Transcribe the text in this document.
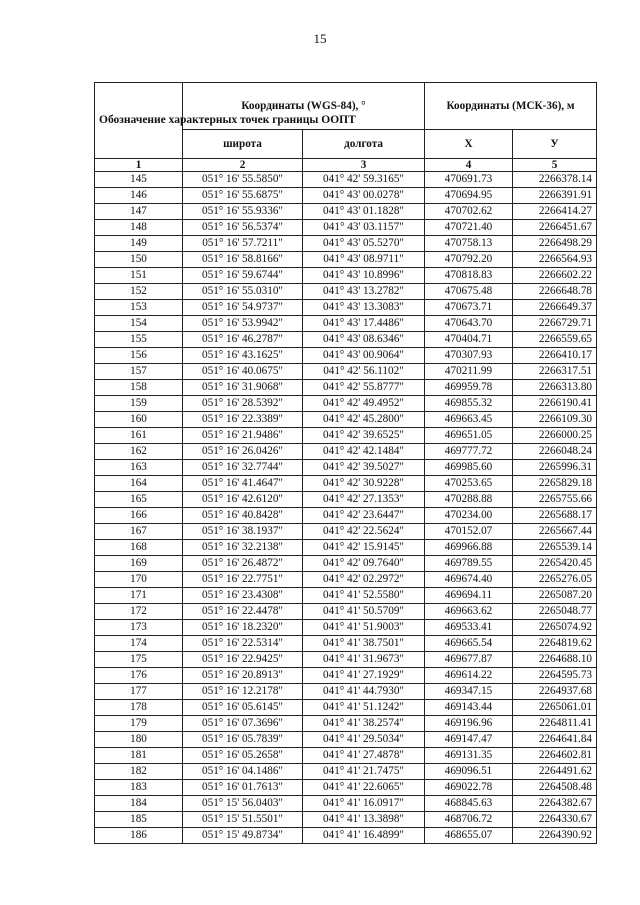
15
Обозначение характерных точек границы ООПТ	Координаты (WGS-84), °		Координаты (МСК-36), м	
	широта	долгота	X	У
1	2	3	4	5
145	051° 16' 55.5850"	041° 42' 59.3165"	470691.73	2266378.14
146	051° 16' 55.6875"	041° 43' 00.0278"	470694.95	2266391.91
147	051° 16' 55.9336"	041° 43' 01.1828"	470702.62	2266414.27
148	051° 16' 56.5374"	041° 43' 03.1157"	470721.40	2266451.67
149	051° 16' 57.7211"	041° 43' 05.5270"	470758.13	2266498.29
150	051° 16' 58.8166"	041° 43' 08.9711"	470792.20	2266564.93
151	051° 16' 59.6744"	041° 43' 10.8996"	470818.83	2266602.22
152	051° 16' 55.0310"	041° 43' 13.2782"	470675.48	2266648.78
153	051° 16' 54.9737"	041° 43' 13.3083"	470673.71	2266649.37
154	051° 16' 53.9942"	041° 43' 17.4486"	470643.70	2266729.71
155	051° 16' 46.2787"	041° 43' 08.6346"	470404.71	2266559.65
156	051° 16' 43.1625"	041° 43' 00.9064"	470307.93	2266410.17
157	051° 16' 40.0675"	041° 42' 56.1102"	470211.99	2266317.51
158	051° 16' 31.9068"	041° 42' 55.8777"	469959.78	2266313.80
159	051° 16' 28.5392"	041° 42' 49.4952"	469855.32	2266190.41
160	051° 16' 22.3389"	041° 42' 45.2800"	469663.45	2266109.30
161	051° 16' 21.9486"	041° 42' 39.6525"	469651.05	2266000.25
162	051° 16' 26.0426"	041° 42' 42.1484"	469777.72	2266048.24
163	051° 16' 32.7744"	041° 42' 39.5027"	469985.60	2265996.31
164	051° 16' 41.4647"	041° 42' 30.9228"	470253.65	2265829.18
165	051° 16' 42.6120"	041° 42' 27.1353"	470288.88	2265755.66
166	051° 16' 40.8428"	041° 42' 23.6447"	470234.00	2265688.17
167	051° 16' 38.1937"	041° 42' 22.5624"	470152.07	2265667.44
168	051° 16' 32.2138"	041° 42' 15.9145"	469966.88	2265539.14
169	051° 16' 26.4872"	041° 42' 09.7640"	469789.55	2265420.45
170	051° 16' 22.7751"	041° 42' 02.2972"	469674.40	2265276.05
171	051° 16' 23.4308"	041° 41' 52.5580"	469694.11	2265087.20
172	051° 16' 22.4478"	041° 41' 50.5709"	469663.62	2265048.77
173	051° 16' 18.2320"	041° 41' 51.9003"	469533.41	2265074.92
174	051° 16' 22.5314"	041° 41' 38.7501"	469665.54	2264819.62
175	051° 16' 22.9425"	041° 41' 31.9673"	469677.87	2264688.10
176	051° 16' 20.8913"	041° 41' 27.1929"	469614.22	2264595.73
177	051° 16' 12.2178"	041° 41' 44.7930"	469347.15	2264937.68
178	051° 16' 05.6145"	041° 41' 51.1242"	469143.44	2265061.01
179	051° 16' 07.3696"	041° 41' 38.2574"	469196.96	2264811.41
180	051° 16' 05.7839"	041° 41' 29.5034"	469147.47	2264641.84
181	051° 16' 05.2658"	041° 41' 27.4878"	469131.35	2264602.81
182	051° 16' 04.1486"	041° 41' 21.7475"	469096.51	2264491.62
183	051° 16' 01.7613"	041° 41' 22.6065"	469022.78	2264508.48
184	051° 15' 56.0403"	041° 41' 16.0917"	468845.63	2264382.67
185	051° 15' 51.5501"	041° 41' 13.3898"	468706.72	2264330.67
186	051° 15' 49.8734"	041° 41' 16.4899"	468655.07	2264390.92
